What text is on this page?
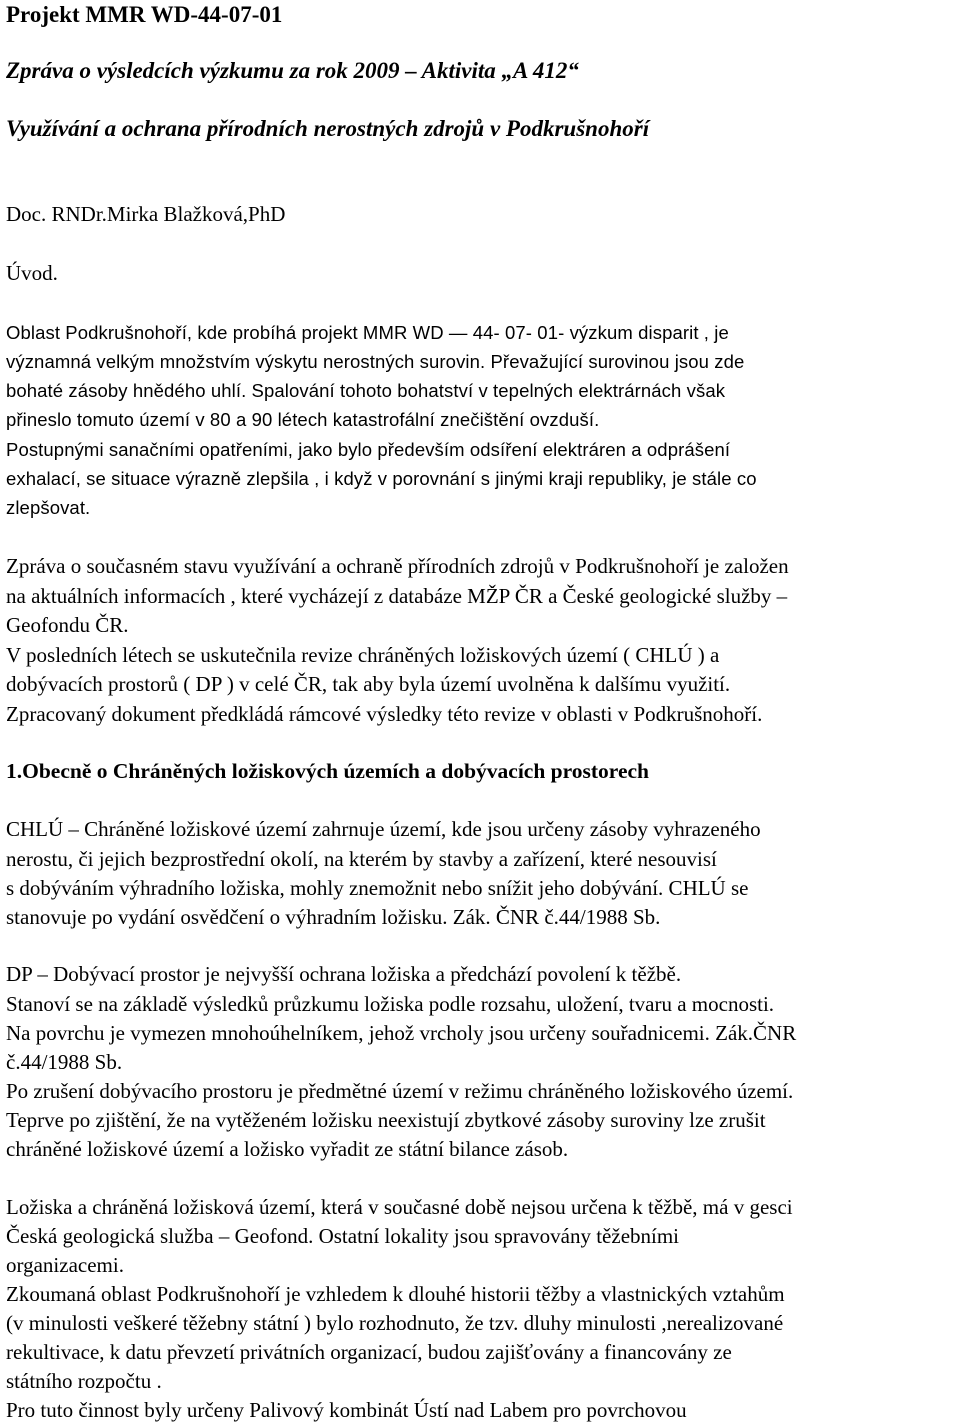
Projekt MMR WD-44-07-01
Zpráva o výsledcích výzkumu za rok 2009 – Aktivita „A 412“
Využívání a ochrana přírodních nerostných zdrojů v Podkrušnohoří
Doc. RNDr.Mirka Blažková,PhD
Úvod.
Oblast Podkrušnohoří, kde probíhá projekt MMR WD — 44- 07- 01- výzkum disparit , je
významná velkým množstvím výskytu nerostných surovin. Převažující surovinou jsou zde
bohaté zásoby hnědého uhlí. Spalování tohoto bohatství v tepelných elektrárnách však
přineslo tomuto území v 80 a 90 létech katastrofální znečištění ovzduší.
Postupnými sanačními opatřeními, jako bylo především odsíření elektráren a odprášení
exhalací, se situace výrazně zlepšila , i když v porovnání s jinými kraji republiky, je stále co
zlepšovat.
Zpráva o současném stavu využívání a ochraně přírodních zdrojů v Podkrušnohoří je založen
na aktuálních informacích , které vycházejí z databáze MŽP ČR a České geologické služby –
Geofondu ČR.
V posledních létech se uskutečnila revize chráněných ložiskových území ( CHLÚ ) a
dobývacích prostorů ( DP ) v celé ČR, tak aby byla území uvolněna k dalšímu využití.
Zpracovaný dokument předkládá rámcové výsledky této revize v oblasti v Podkrušnohoří.
1.Obecně o Chráněných ložiskových územích a dobývacích prostorech
CHLÚ – Chráněné ložiskové území zahrnuje území, kde jsou určeny zásoby vyhrazeného
nerostu, či jejich bezprostřední okolí, na kterém by stavby a zařízení, které nesouvisí
s dobýváním výhradního ložiska, mohly znemožnit nebo snížit jeho dobývání. CHLÚ se
stanovuje po vydání osvědčení o výhradním ložisku. Zák. ČNR č.44/1988 Sb.
DP – Dobývací prostor je nejvyšší ochrana ložiska a předchází povolení k těžbě.
Stanoví se na základě výsledků průzkumu ložiska podle rozsahu, uložení, tvaru a mocnosti.
Na povrchu je vymezen mnohoúhelníkem, jehož vrcholy jsou určeny souřadnicemi. Zák.ČNR
č.44/1988 Sb.
Po zrušení dobývacího prostoru je předmětné území v režimu chráněného ložiskového území.
Teprve po zjištění, že na vytěženém ložisku neexistují zbytkové zásoby suroviny lze zrušit
chráněné ložiskové území a ložisko vyřadit ze státní bilance zásob.
Ložiska a chráněná ložisková území, která v současné době nejsou určena k těžbě, má v gesci
Česká geologická služba – Geofond. Ostatní lokality jsou spravovány těžebními
organizacemi.
Zkoumaná oblast Podkrušnohoří je vzhledem k dlouhé historii těžby a vlastnických vztahům
(v minulosti veškeré těžebny státní ) bylo rozhodnuto, že tzv. dluhy minulosti ,nerealizované
rekultivace, k datu převzetí privátních organizací, budou zajišťovány a financovány ze
státního rozpočtu .
Pro tuto činnost byly určeny Palivový kombinát Ústí nad Labem pro povrchovou
